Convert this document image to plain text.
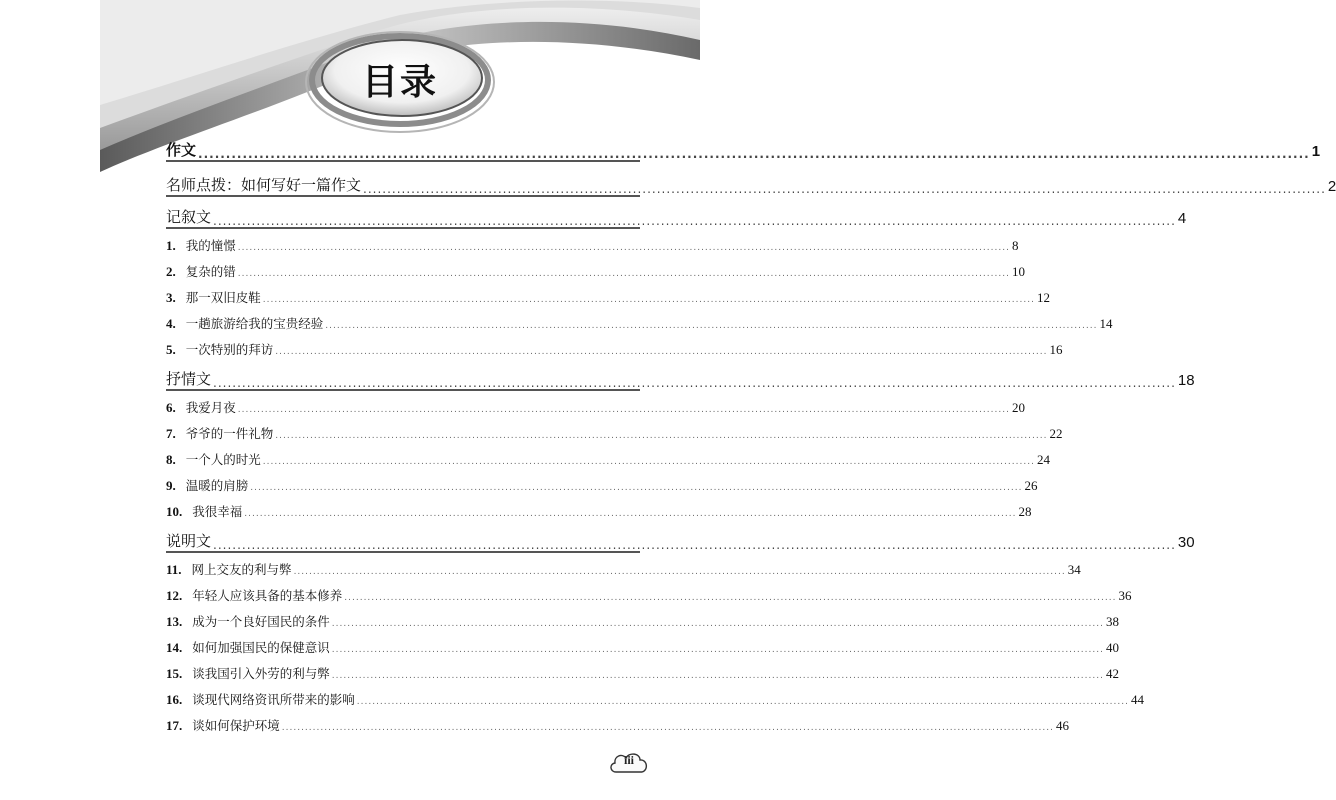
目录
作文 ........................................................................................................................................................................................................ 1
名师点拨：如何写好一篇作文 ........................................................................................................................................................................................................ 2
记叙文 ........................................................................................................................................................................................................ 4
1. 我的憧憬 ........................................................................................................................................................................................................ 8
2. 复杂的错 ........................................................................................................................................................................................................ 10
3. 那一双旧皮鞋 ........................................................................................................................................................................................................ 12
4. 一趟旅游给我的宝贵经验 ........................................................................................................................................................................................................ 14
5. 一次特别的拜访 ........................................................................................................................................................................................................ 16
抒情文 ........................................................................................................................................................................................................ 18
6. 我爱月夜 ........................................................................................................................................................................................................ 20
7. 爷爷的一件礼物 ........................................................................................................................................................................................................ 22
8. 一个人的时光 ........................................................................................................................................................................................................ 24
9. 温暖的肩膀 ........................................................................................................................................................................................................ 26
10. 我很幸福 ........................................................................................................................................................................................................ 28
说明文 ........................................................................................................................................................................................................ 30
11. 网上交友的利与弊 ........................................................................................................................................................................................................ 34
12. 年轻人应该具备的基本修养 ........................................................................................................................................................................................................ 36
13. 成为一个良好国民的条件 ........................................................................................................................................................................................................ 38
14. 如何加强国民的保健意识 ........................................................................................................................................................................................................ 40
15. 谈我国引入外劳的利与弊 ........................................................................................................................................................................................................ 42
16. 谈现代网络资讯所带来的影响 ........................................................................................................................................................................................................ 44
17. 谈如何保护环境 ........................................................................................................................................................................................................ 46
iii
